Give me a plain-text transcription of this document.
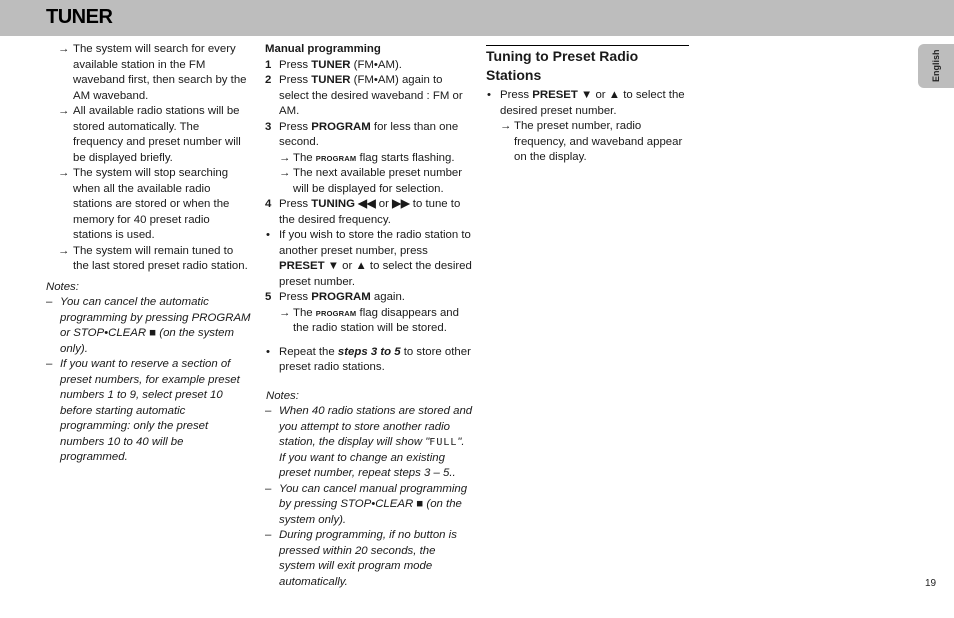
TUNER
English
→ The system will search for every available station in the FM waveband first, then search by the AM waveband.
→ All available radio stations will be stored automatically. The frequency and preset number will be displayed briefly.
→ The system will stop searching when all the available radio stations are stored or when the memory for 40 preset radio stations is used.
→ The system will remain tuned to the last stored preset radio station.
Notes:
– You can cancel the automatic programming by pressing PROGRAM or STOP•CLEAR ■ (on the system only).
– If you want to reserve a section of preset numbers, for example preset numbers 1 to 9, select preset 10 before starting automatic programming: only the preset numbers 10 to 40 will be programmed.
Manual programming
1 Press TUNER (FM•AM).
2 Press TUNER (FM•AM) again to select the desired waveband : FM or AM.
3 Press PROGRAM for less than one second.
→ The PROGRAM flag starts flashing.
→ The next available preset number will be displayed for selection.
4 Press TUNING ◀◀ or ▶▶ to tune to the desired frequency.
• If you wish to store the radio station to another preset number, press PRESET ▼ or ▲ to select the desired preset number.
5 Press PROGRAM again.
→ The PROGRAM flag disappears and the radio station will be stored.
• Repeat the steps 3 to 5 to store other preset radio stations.
Notes:
– When 40 radio stations are stored and you attempt to store another radio station, the display will show "FULL". If you want to change an existing preset number, repeat steps 3 – 5..
– You can cancel manual programming by pressing STOP•CLEAR ■ (on the system only).
– During programming, if no button is pressed within 20 seconds, the system will exit program mode automatically.
Tuning to Preset Radio Stations
• Press PRESET ▼ or ▲ to select the desired preset number.
→ The preset number, radio frequency, and waveband appear on the display.
19
